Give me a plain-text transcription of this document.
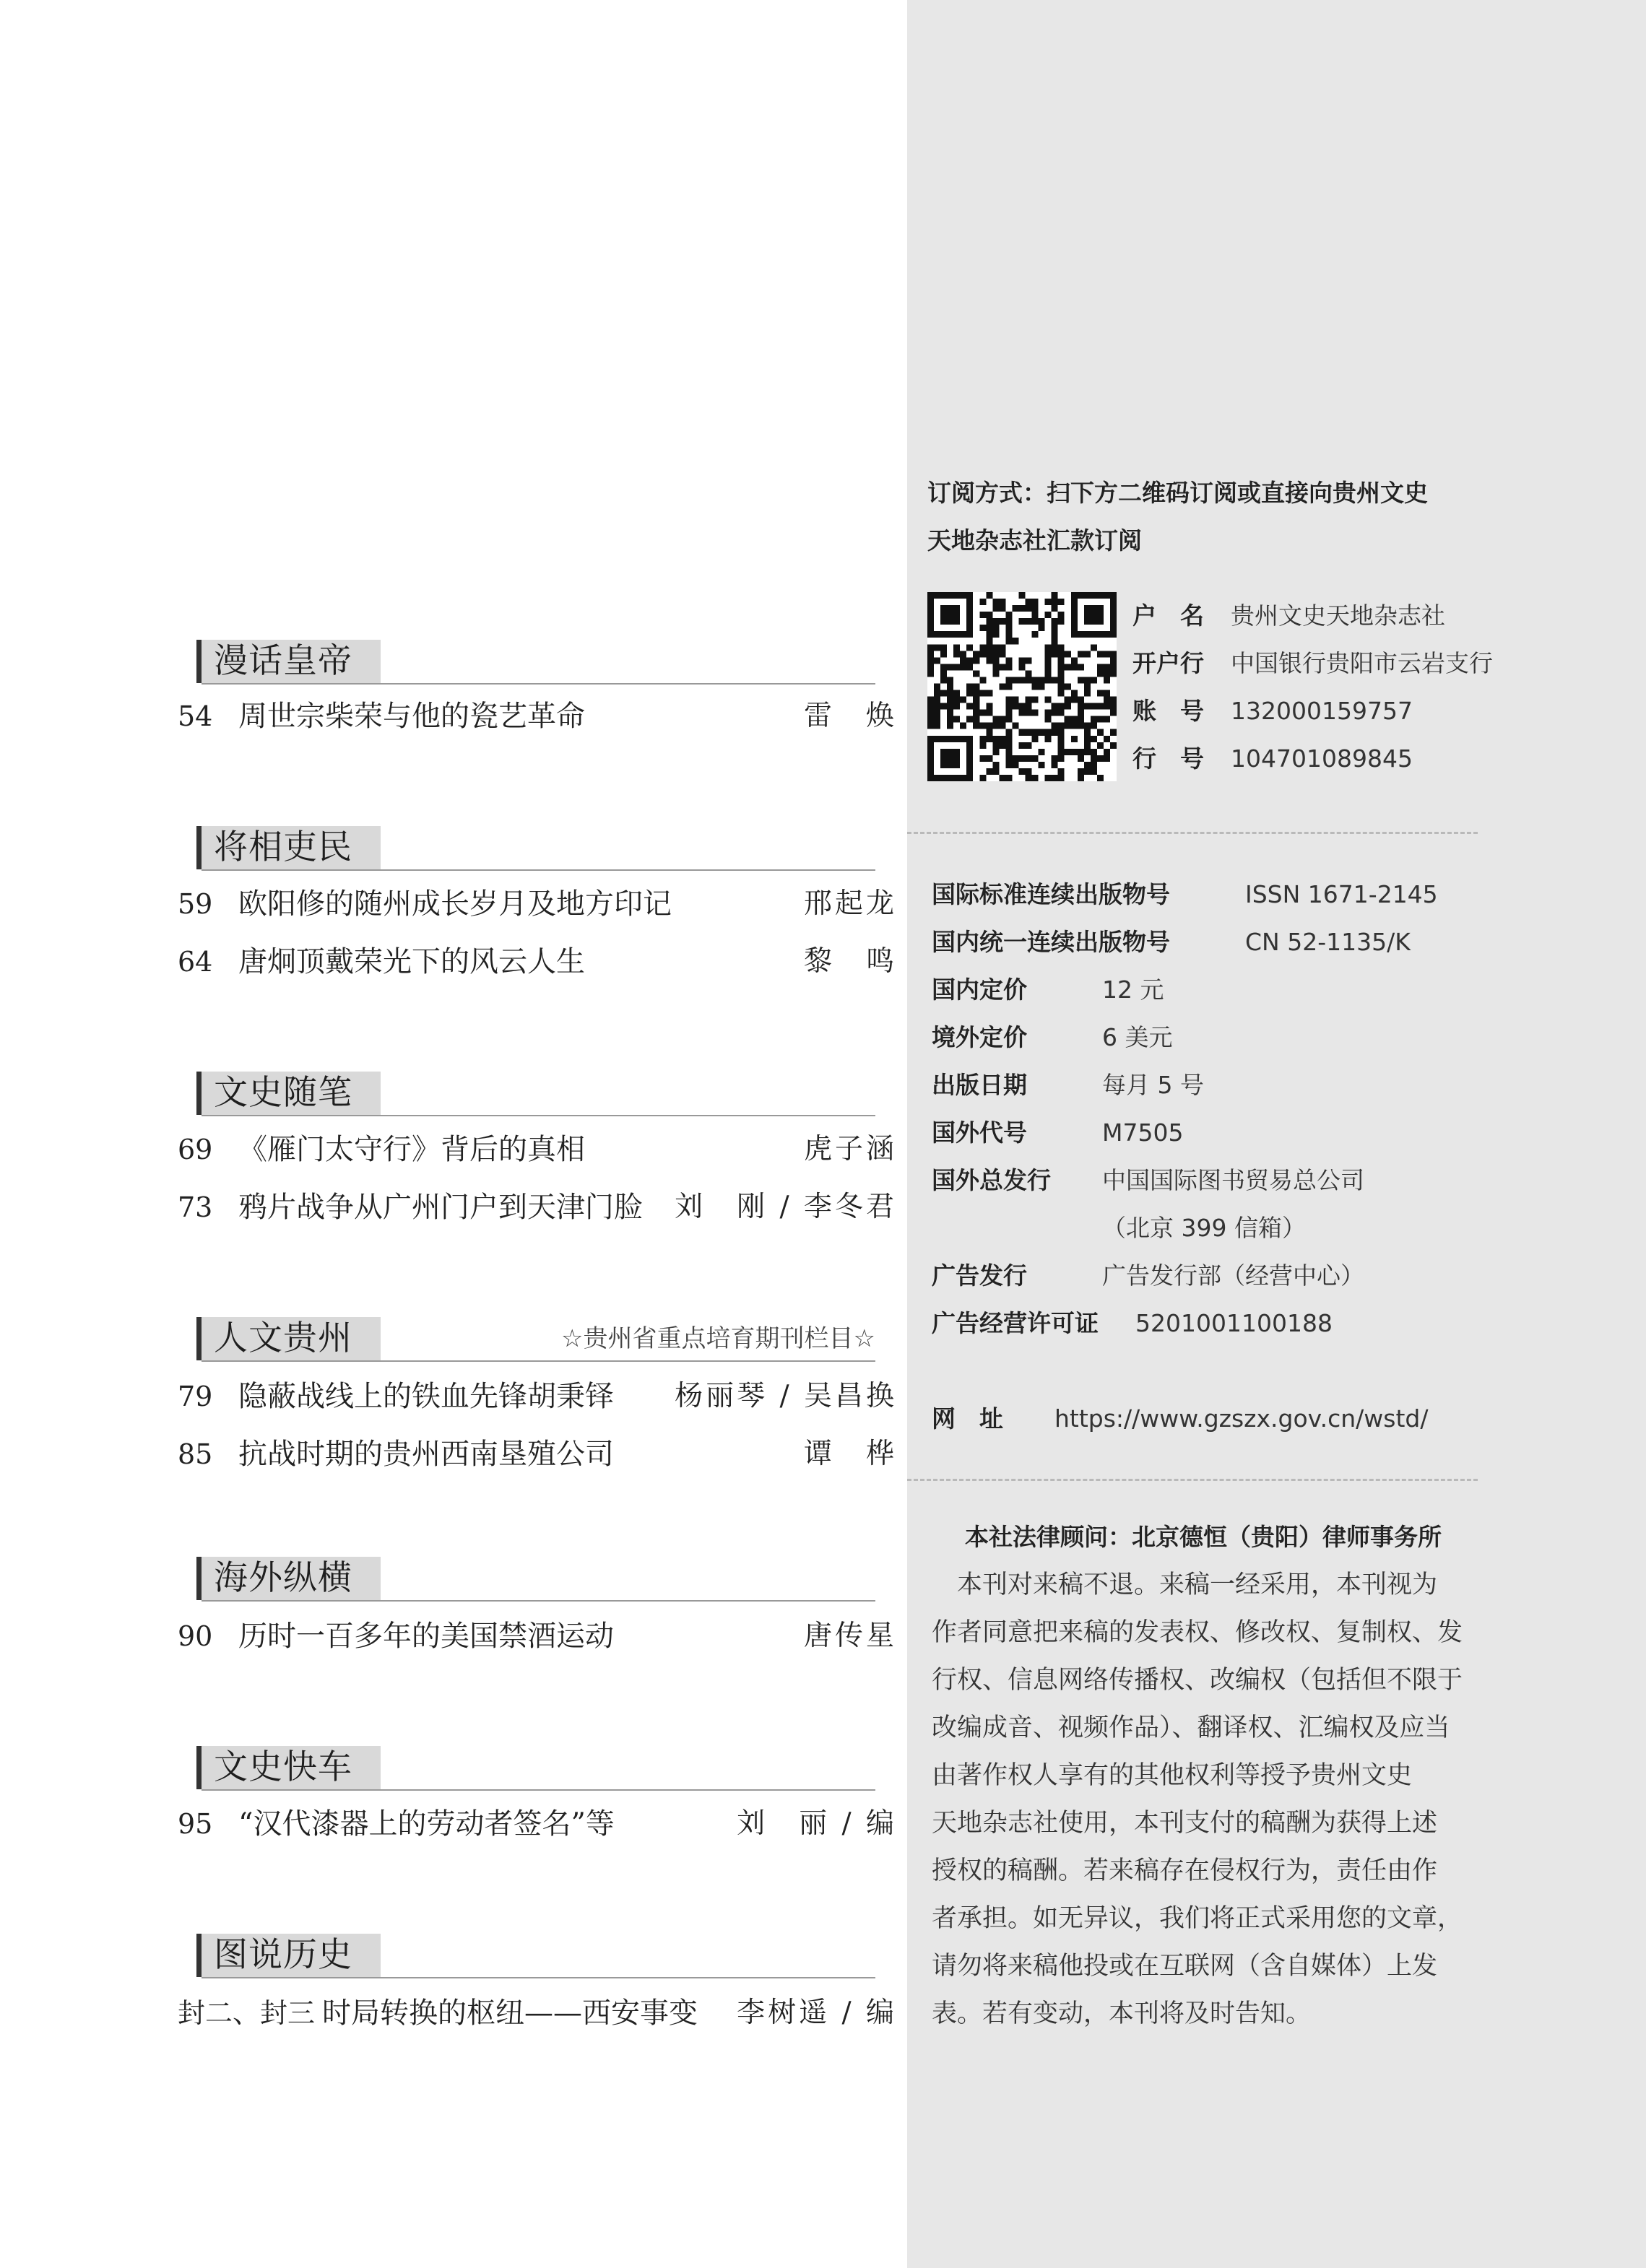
漫话皇帝
54 周世宗柴荣与他的瓷艺革命	雷　焕
将相吏民
59 欧阳修的随州成长岁月及地方印记	邢起龙
64 唐炯顶戴荣光下的风云人生	黎　鸣
文史随笔
69 《雁门太守行》背后的真相	虎子涵
73 鸦片战争从广州门户到天津门脸 刘　刚 / 李冬君
人文贵州	☆贵州省重点培育期刊栏目☆
79 隐蔽战线上的铁血先锋胡秉铎 杨丽琴 / 吴昌换
85 抗战时期的贵州西南垦殖公司	谭　桦
海外纵横
90 历时一百多年的美国禁酒运动	唐传星
文史快车
95 “汉代漆器上的劳动者签名”等	刘　丽 / 编
图说历史
封二、封三 时局转换的枢纽——西安事变 李树遥 / 编
订阅方式：扫下方二维码订阅或直接向贵州文史
天地杂志社汇款订阅
户　名	贵州文史天地杂志社
开户行	中国银行贵阳市云岩支行
账　号	132000159757
行　号	104701089845
国际标准连续出版物号	ISSN 1671-2145
国内统一连续出版物号	CN 52-1135/K
国内定价	12 元
境外定价	6 美元
出版日期	每月 5 号
国外代号	M7505
国外总发行 中国国际图书贸易总公司
（北京 399 信箱）
广告发行	广告发行部（经营中心）
广告经营许可证 5201001100188
网　址 https://www.gzszx.gov.cn/wstd/
本社法律顾问：北京德恒（贵阳）律师事务所
　本刊对来稿不退。来稿一经采用，本刊视为
作者同意把来稿的发表权、修改权、复制权、发
行权、信息网络传播权、改编权（包括但不限于
改编成音、视频作品）、翻译权、汇编权及应当
由著作权人享有的其他权利等授予贵州文史
天地杂志社使用，本刊支付的稿酬为获得上述
授权的稿酬。若来稿存在侵权行为，责任由作
者承担。如无异议，我们将正式采用您的文章，
请勿将来稿他投或在互联网（含自媒体）上发
表。若有变动，本刊将及时告知。
